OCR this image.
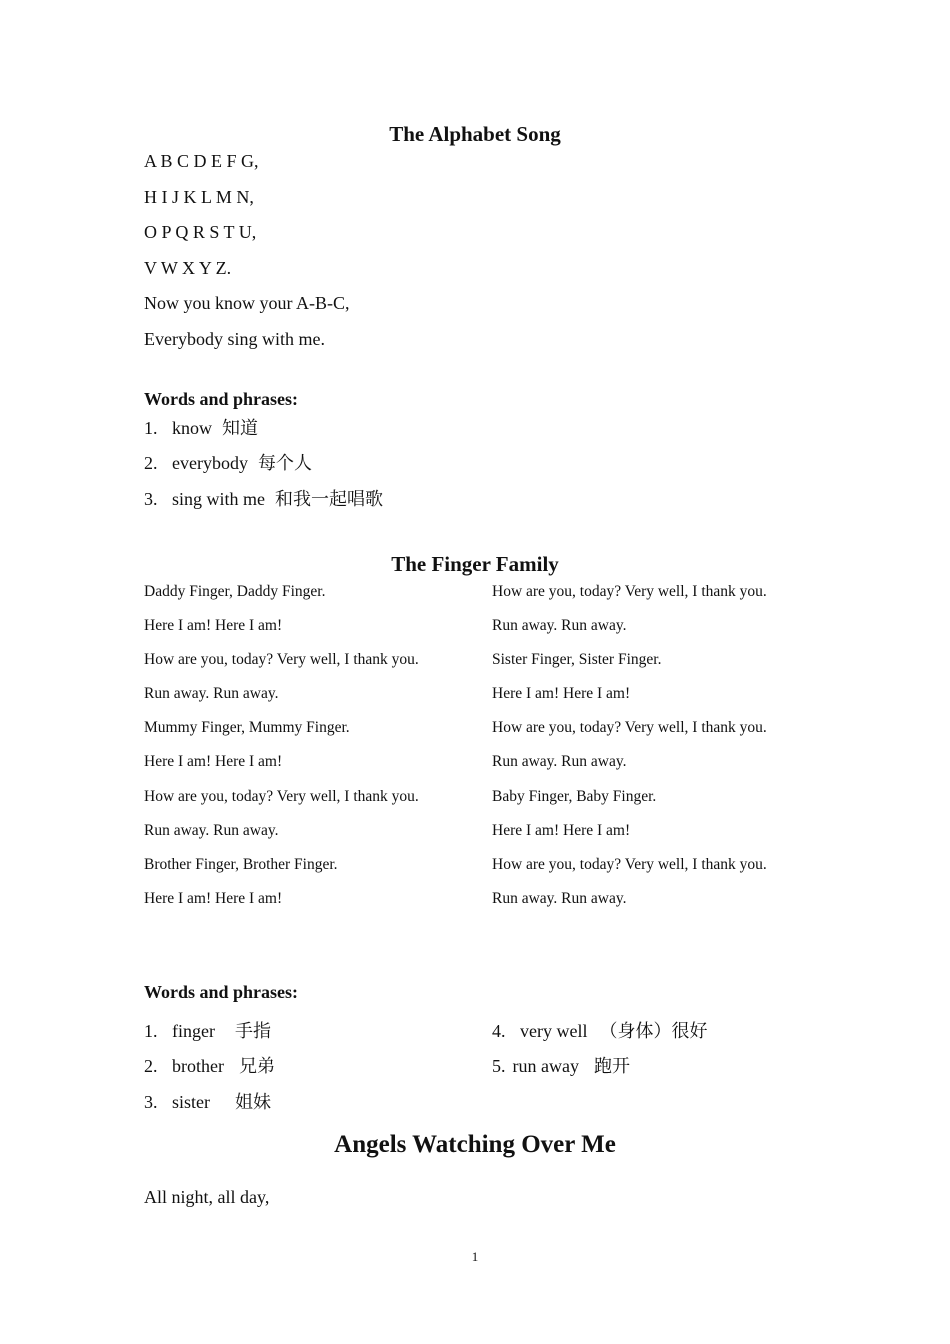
The Alphabet Song

A B C D E F G,

H I J K L M N,

O P Q R S T U,

V W X Y Z.

Now you know your A-B-C,

Everybody sing with me.

Words and phrases:

1. know 知道

2. everybody 每个人

3. sing with me 和我一起唱歌

The Finger Family
Daddy Finger, Daddy Finger.
Here I am! Here I am!
How are you, today? Very well, I thank you.
Run away. Run away.
Mummy Finger, Mummy Finger.
Here I am! Here I am!
How are you, today? Very well, I thank you.
Run away. Run away.
Brother Finger, Brother Finger.
Here I am! Here I am!
How are you, today? Very well, I thank you.
Run away. Run away.
Sister Finger, Sister Finger.
Here I am! Here I am!
How are you, today? Very well, I thank you.
Run away. Run away.
Baby Finger, Baby Finger.
Here I am! Here I am!
How are you, today? Very well, I thank you.
Run away. Run away.

Words and phrases:

1. finger 手指

2. brother 兄弟

3. sister 姐妹

4. very well （身体）很好

5. run away 跑开

Angels Watching Over Me

All night, all day,

1
